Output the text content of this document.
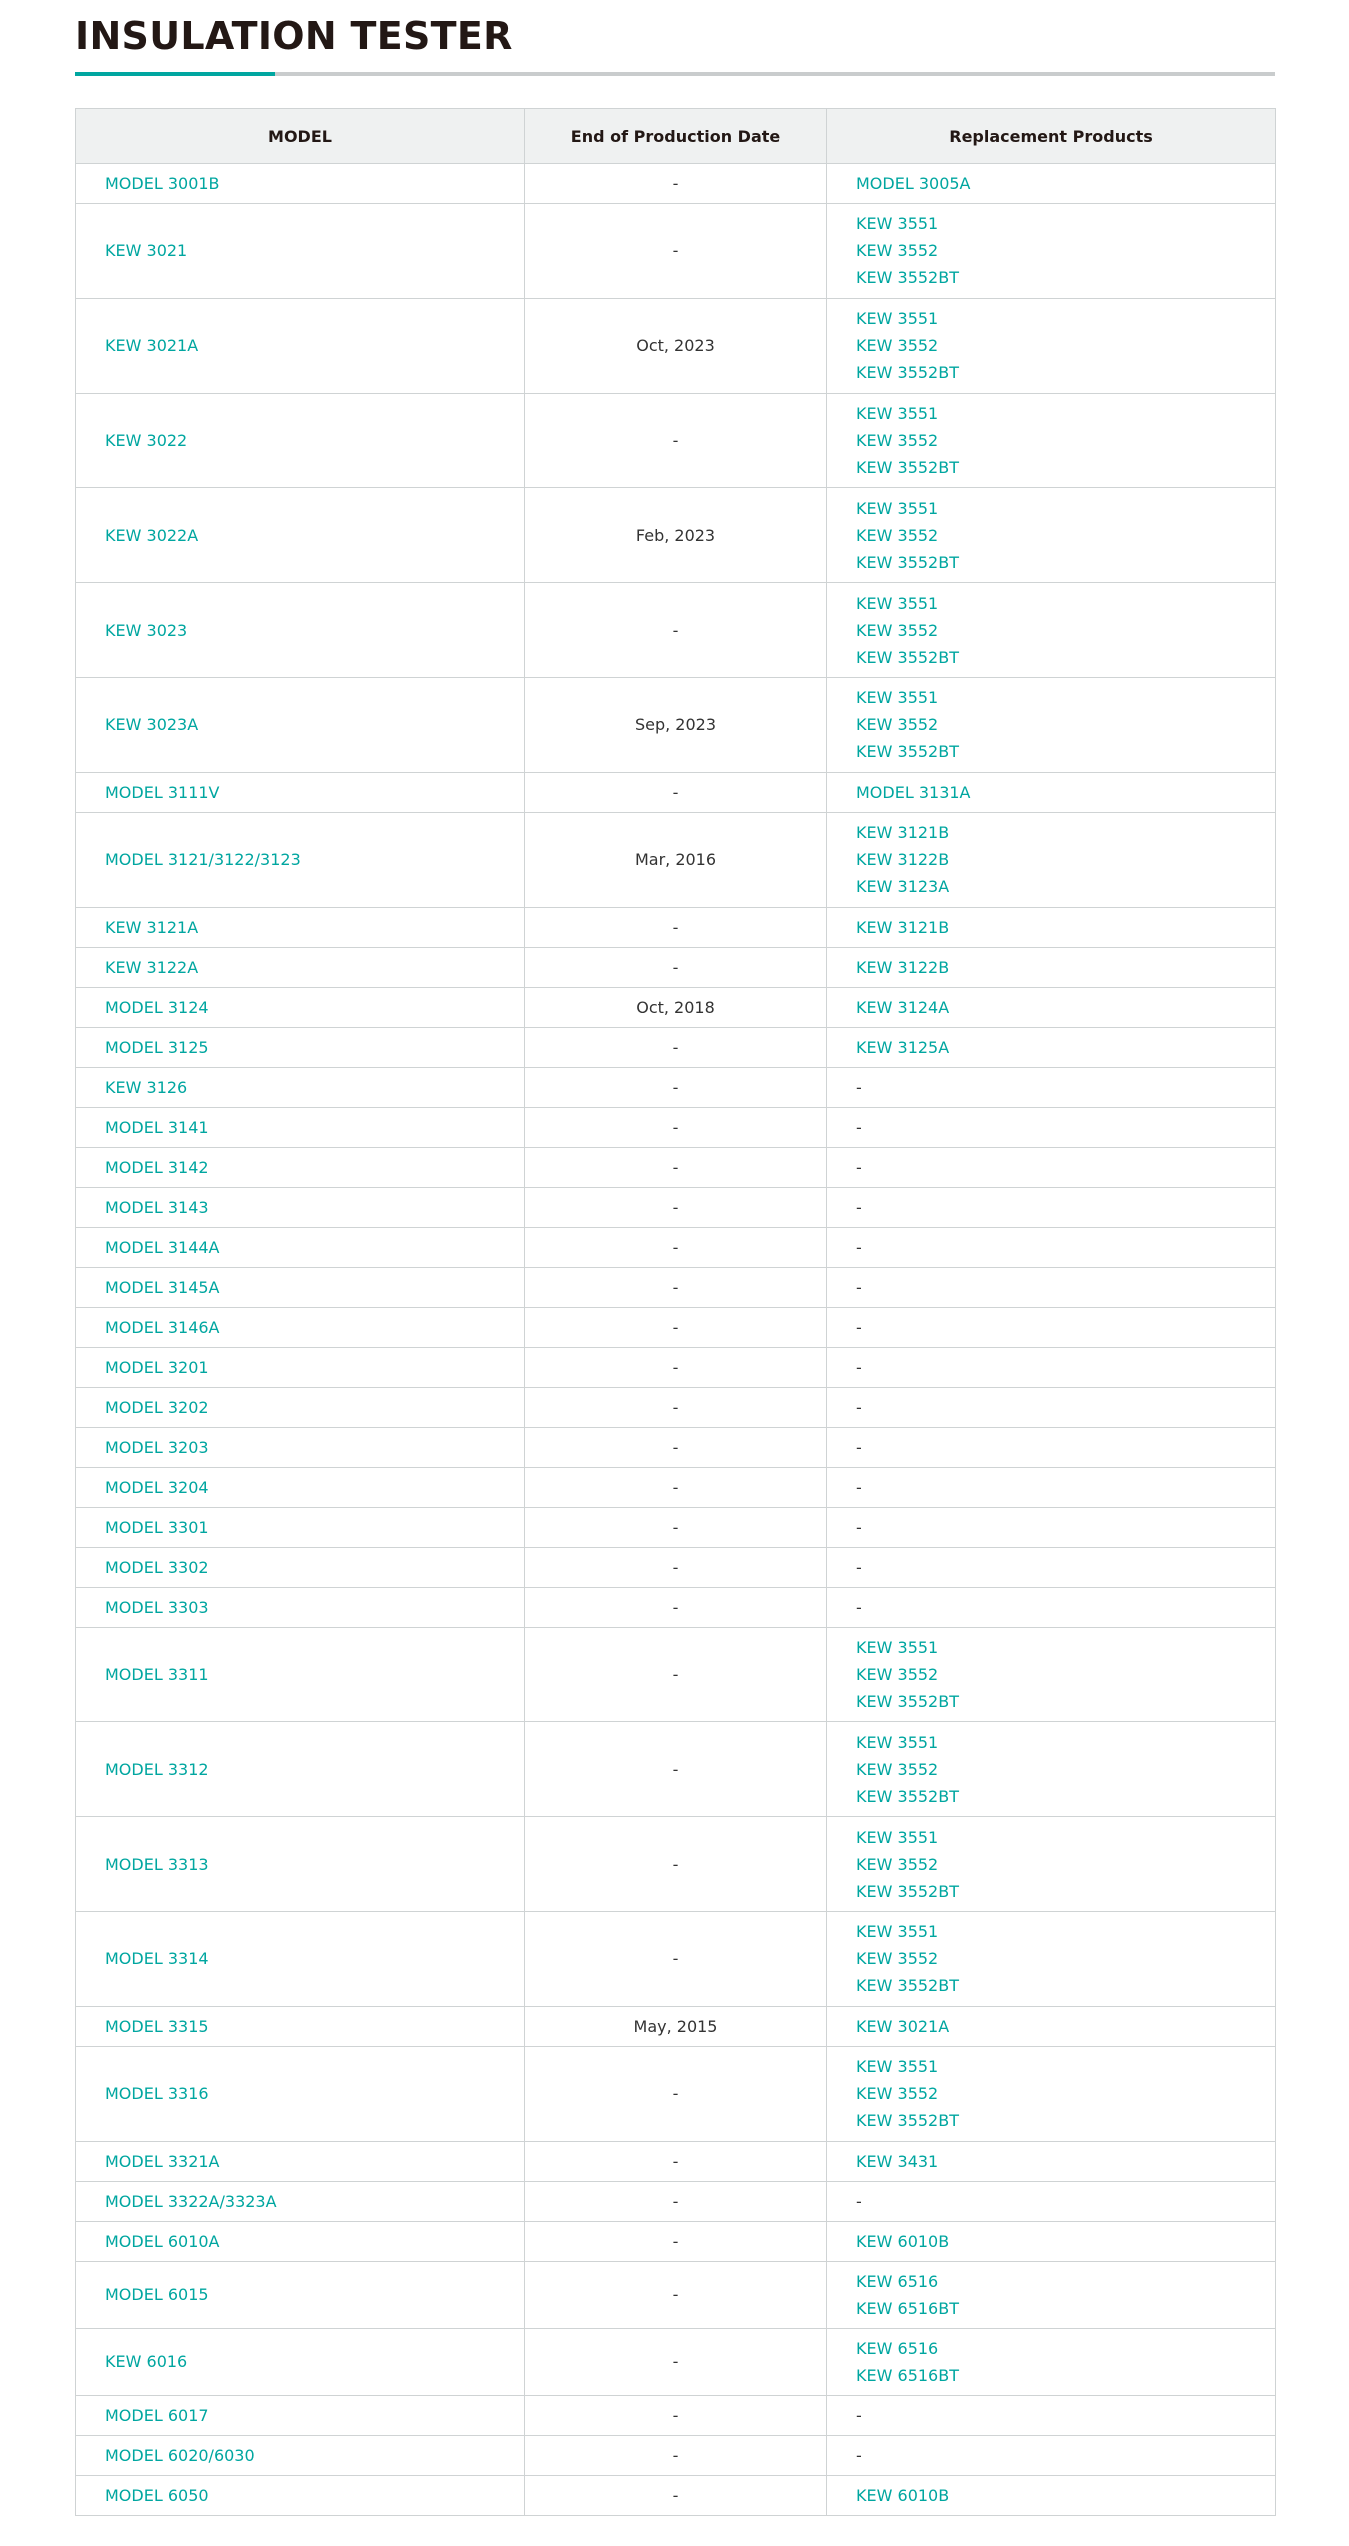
INSULATION TESTER
MODEL	End of Production Date	Replacement Products
MODEL 3001B	-	MODEL 3005A

KEW 3021	-	KEW 3551
KEW 3552
KEW 3552BT

KEW 3021A	Oct, 2023	KEW 3551
KEW 3552
KEW 3552BT

KEW 3022	-	KEW 3551
KEW 3552
KEW 3552BT

KEW 3022A	Feb, 2023	KEW 3551
KEW 3552
KEW 3552BT

KEW 3023	-	KEW 3551
KEW 3552
KEW 3552BT

KEW 3023A	Sep, 2023	KEW 3551
KEW 3552
KEW 3552BT

MODEL 3111V	-	MODEL 3131A

MODEL 3121/3122/3123	Mar, 2016	KEW 3121B
KEW 3122B
KEW 3123A

KEW 3121A	-	KEW 3121B

KEW 3122A	-	KEW 3122B

MODEL 3124	Oct, 2018	KEW 3124A

MODEL 3125	-	KEW 3125A

KEW 3126	-	-
MODEL 3141	-	-
MODEL 3142	-	-
MODEL 3143	-	-
MODEL 3144A	-	-
MODEL 3145A	-	-
MODEL 3146A	-	-
MODEL 3201	-	-
MODEL 3202	-	-
MODEL 3203	-	-
MODEL 3204	-	-
MODEL 3301	-	-
MODEL 3302	-	-
MODEL 3303	-	-
MODEL 3311	-	KEW 3551
KEW 3552
KEW 3552BT

MODEL 3312	-	KEW 3551
KEW 3552
KEW 3552BT

MODEL 3313	-	KEW 3551
KEW 3552
KEW 3552BT

MODEL 3314	-	KEW 3551
KEW 3552
KEW 3552BT

MODEL 3315	May, 2015	KEW 3021A

MODEL 3316	-	KEW 3551
KEW 3552
KEW 3552BT

MODEL 3321A	-	KEW 3431

MODEL 3322A/3323A	-	-
MODEL 6010A	-	KEW 6010B

MODEL 6015	-	KEW 6516
KEW 6516BT

KEW 6016	-	KEW 6516
KEW 6516BT

MODEL 6017	-	-
MODEL 6020/6030	-	-
MODEL 6050	-	KEW 6010B
